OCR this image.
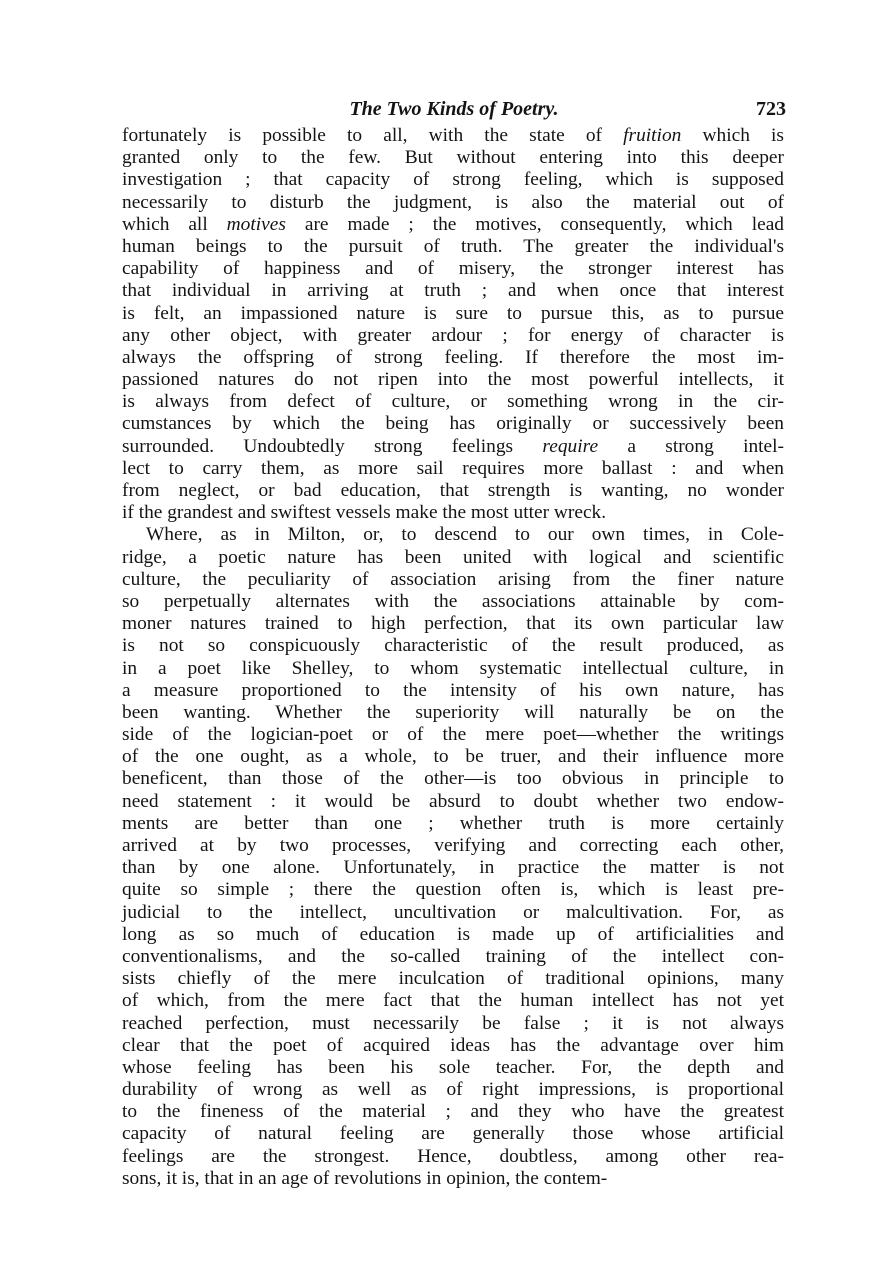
The Two Kinds of Poetry.	723
fortunately is possible to all, with the state of fruition which is
granted only to the few. But without entering into this deeper
investigation ; that capacity of strong feeling, which is supposed
necessarily to disturb the judgment, is also the material out of
which all motives are made ; the motives, consequently, which lead
human beings to the pursuit of truth. The greater the individual's
capability of happiness and of misery, the stronger interest has
that individual in arriving at truth ; and when once that interest
is felt, an impassioned nature is sure to pursue this, as to pursue
any other object, with greater ardour ; for energy of character is
always the offspring of strong feeling. If therefore the most im-
passioned natures do not ripen into the most powerful intellects, it
is always from defect of culture, or something wrong in the cir-
cumstances by which the being has originally or successively been
surrounded. Undoubtedly strong feelings require a strong intel-
lect to carry them, as more sail requires more ballast : and when
from neglect, or bad education, that strength is wanting, no wonder
if the grandest and swiftest vessels make the most utter wreck.
Where, as in Milton, or, to descend to our own times, in Cole-
ridge, a poetic nature has been united with logical and scientific
culture, the peculiarity of association arising from the finer nature
so perpetually alternates with the associations attainable by com-
moner natures trained to high perfection, that its own particular law
is not so conspicuously characteristic of the result produced, as
in a poet like Shelley, to whom systematic intellectual culture, in
a measure proportioned to the intensity of his own nature, has
been wanting. Whether the superiority will naturally be on the
side of the logician-poet or of the mere poet—whether the writings
of the one ought, as a whole, to be truer, and their influence more
beneficent, than those of the other—is too obvious in principle to
need statement : it would be absurd to doubt whether two endow-
ments are better than one ; whether truth is more certainly
arrived at by two processes, verifying and correcting each other,
than by one alone. Unfortunately, in practice the matter is not
quite so simple ; there the question often is, which is least pre-
judicial to the intellect, uncultivation or malcultivation. For, as
long as so much of education is made up of artificialities and
conventionalisms, and the so-called training of the intellect con-
sists chiefly of the mere inculcation of traditional opinions, many
of which, from the mere fact that the human intellect has not yet
reached perfection, must necessarily be false ; it is not always
clear that the poet of acquired ideas has the advantage over him
whose feeling has been his sole teacher. For, the depth and
durability of wrong as well as of right impressions, is proportional
to the fineness of the material ; and they who have the greatest
capacity of natural feeling are generally those whose artificial
feelings are the strongest. Hence, doubtless, among other rea-
sons, it is, that in an age of revolutions in opinion, the contem-
